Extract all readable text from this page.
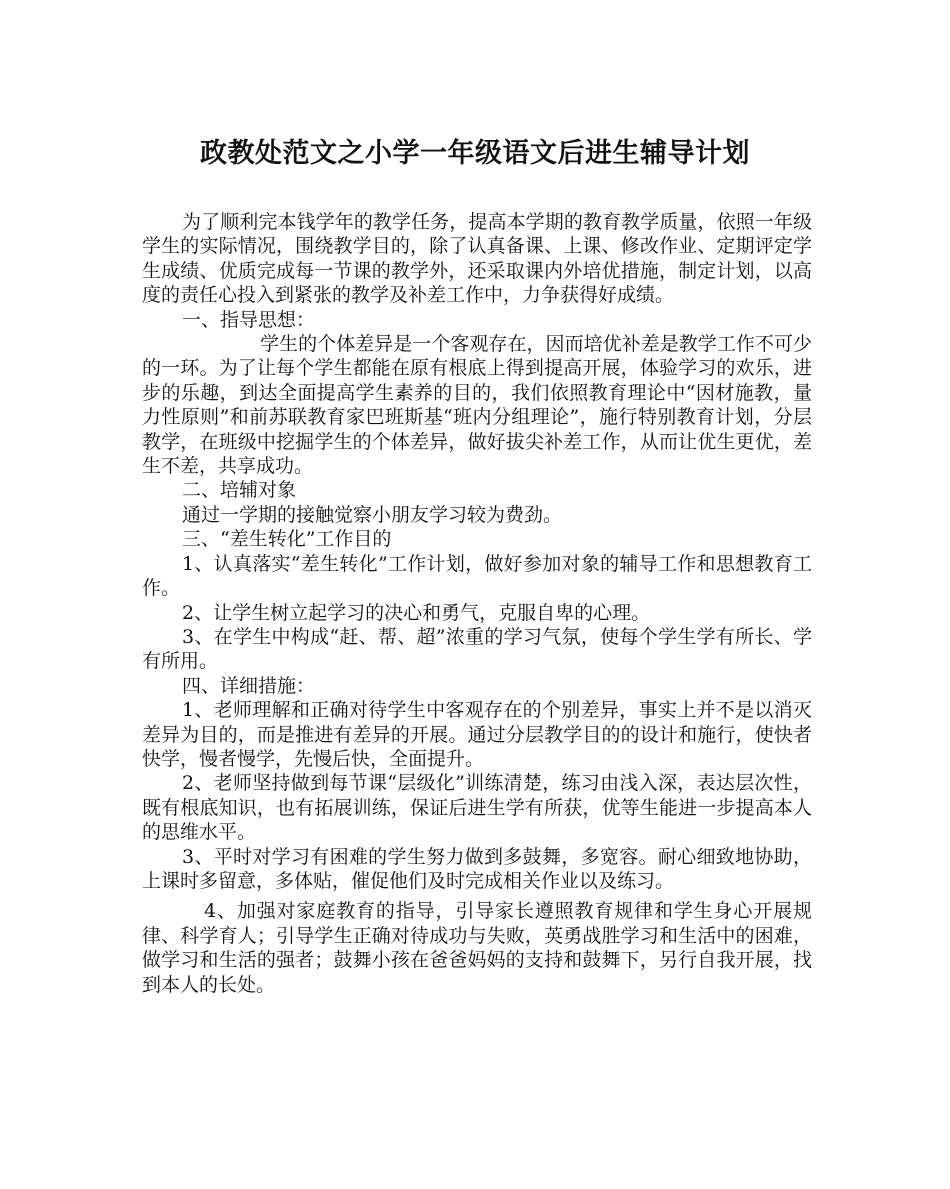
政教处范文之小学一年级语文后进生辅导计划

为了顺利完本钱学年的教学任务，提高本学期的教育教学质量，依照一年级学生的实际情况，围绕教学目的，除了认真备课、上课、修改作业、定期评定学生成绩、优质完成每一节课的教学外，还采取课内外培优措施，制定计划，以高度的责任心投入到紧张的教学及补差工作中，力争获得好成绩。

一、指导思想：

学生的个体差异是一个客观存在，因而培优补差是教学工作不可少的一环。为了让每个学生都能在原有根底上得到提高开展，体验学习的欢乐，进步的乐趣，到达全面提高学生素养的目的，我们依照教育理论中“因材施教，量力性原则”和前苏联教育家巴班斯基“班内分组理论”，施行特别教育计划，分层教学，在班级中挖掘学生的个体差异，做好拔尖补差工作，从而让优生更优，差生不差，共享成功。

二、培辅对象

通过一学期的接触觉察小朋友学习较为费劲。

三、“差生转化”工作目的

1、认真落实“差生转化”工作计划，做好参加对象的辅导工作和思想教育工作。

2、让学生树立起学习的决心和勇气，克服自卑的心理。

3、在学生中构成“赶、帮、超”浓重的学习气氛，使每个学生学有所长、学有所用。

四、详细措施：

1、老师理解和正确对待学生中客观存在的个别差异，事实上并不是以消灭差异为目的，而是推进有差异的开展。通过分层教学目的的设计和施行，使快者快学，慢者慢学，先慢后快，全面提升。

2、老师坚持做到每节课“层级化”训练清楚，练习由浅入深，表达层次性，既有根底知识，也有拓展训练，保证后进生学有所获，优等生能进一步提高本人的思维水平。

3、平时对学习有困难的学生努力做到多鼓舞，多宽容。耐心细致地协助，上课时多留意，多体贴，催促他们及时完成相关作业以及练习。

4、加强对家庭教育的指导，引导家长遵照教育规律和学生身心开展规律、科学育人；引导学生正确对待成功与失败，英勇战胜学习和生活中的困难，做学习和生活的强者；鼓舞小孩在爸爸妈妈的支持和鼓舞下，另行自我开展，找到本人的长处。
